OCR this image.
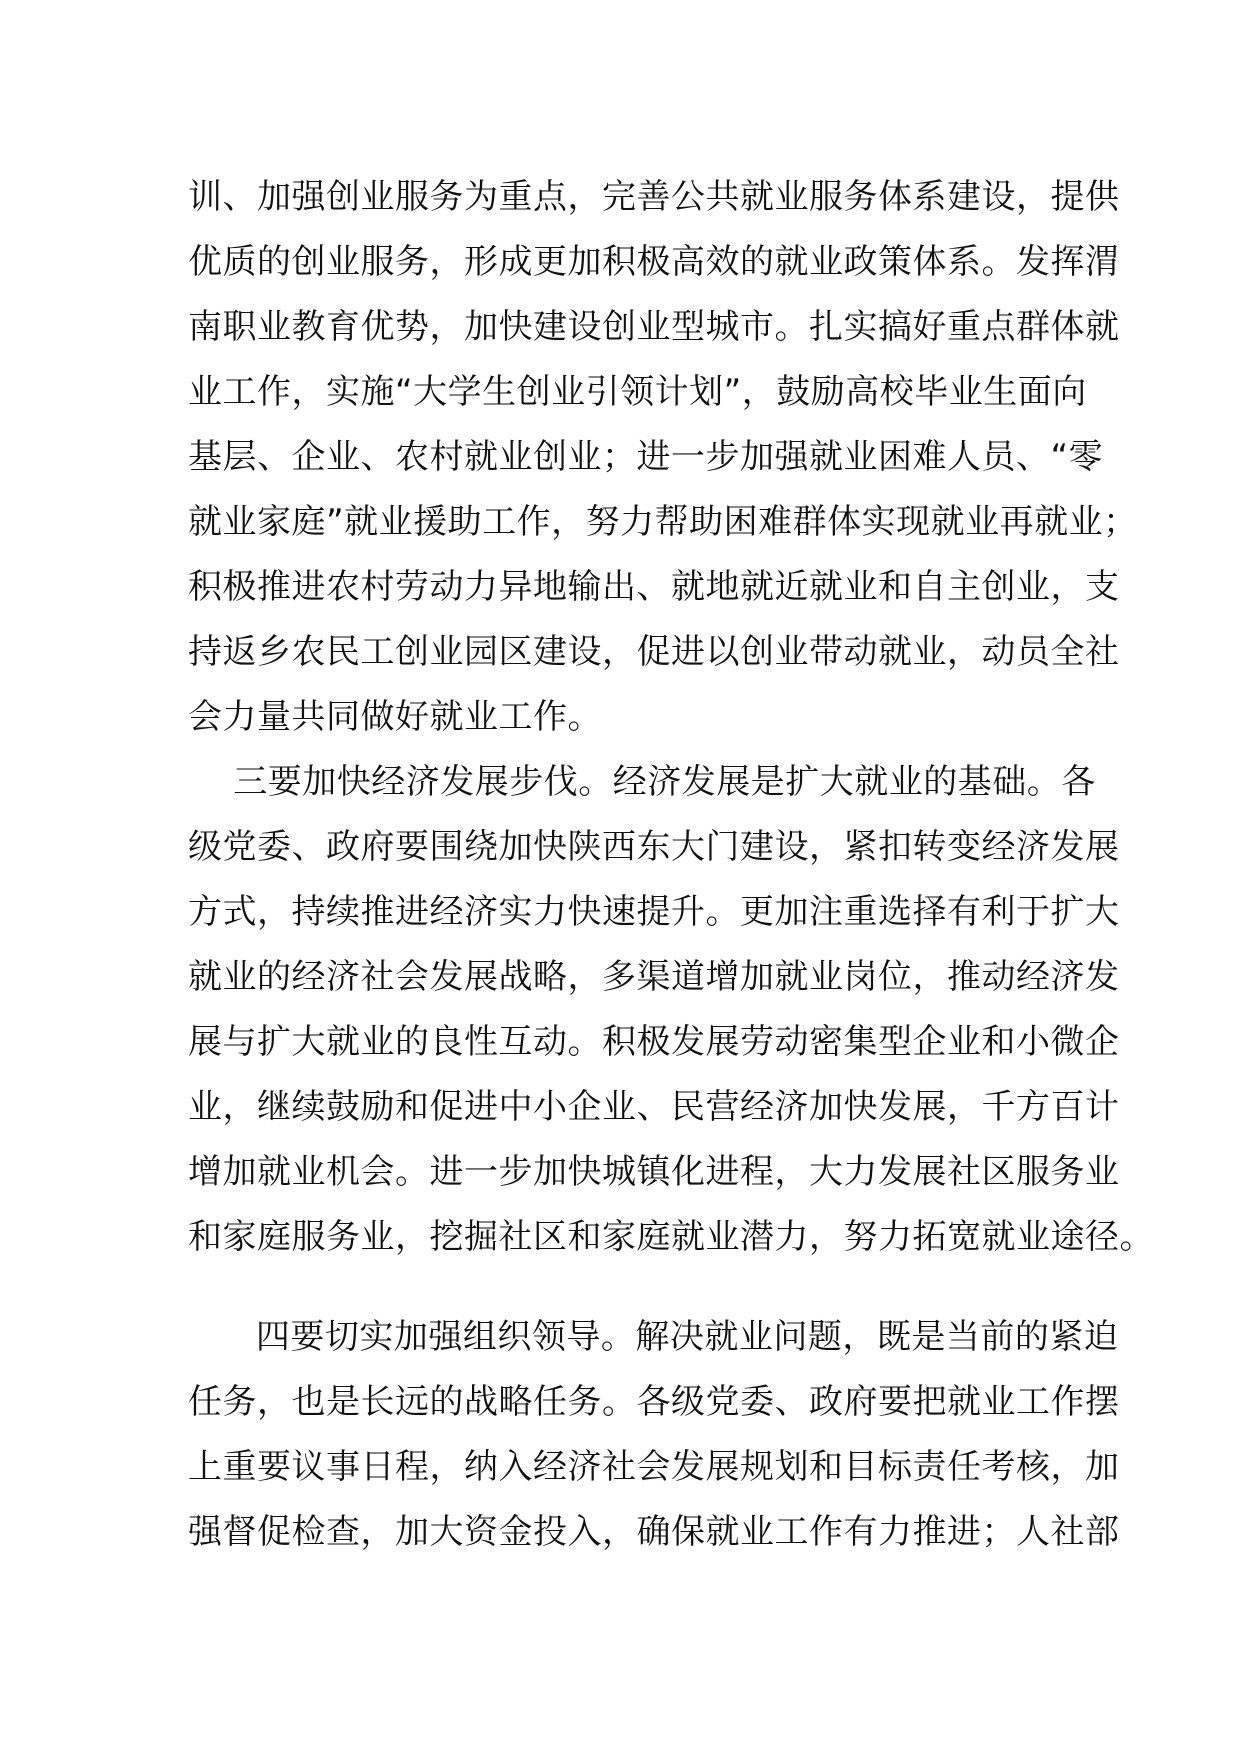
训、加强创业服务为重点，完善公共就业服务体系建设，提供
优质的创业服务，形成更加积极高效的就业政策体系。发挥渭
南职业教育优势，加快建设创业型城市。扎实搞好重点群体就
业工作，实施“大学生创业引领计划”，鼓励高校毕业生面向
基层、企业、农村就业创业；进一步加强就业困难人员、“零
就业家庭”就业援助工作，努力帮助困难群体实现就业再就业；
积极推进农村劳动力异地输出、就地就近就业和自主创业，支
持返乡农民工创业园区建设，促进以创业带动就业，动员全社
会力量共同做好就业工作。
三要加快经济发展步伐。经济发展是扩大就业的基础。各
级党委、政府要围绕加快陕西东大门建设，紧扣转变经济发展
方式，持续推进经济实力快速提升。更加注重选择有利于扩大
就业的经济社会发展战略，多渠道增加就业岗位，推动经济发
展与扩大就业的良性互动。积极发展劳动密集型企业和小微企
业，继续鼓励和促进中小企业、民营经济加快发展，千方百计
增加就业机会。进一步加快城镇化进程，大力发展社区服务业
和家庭服务业，挖掘社区和家庭就业潜力，努力拓宽就业途径。
四要切实加强组织领导。解决就业问题，既是当前的紧迫
任务，也是长远的战略任务。各级党委、政府要把就业工作摆
上重要议事日程，纳入经济社会发展规划和目标责任考核，加
强督促检查，加大资金投入，确保就业工作有力推进；人社部
